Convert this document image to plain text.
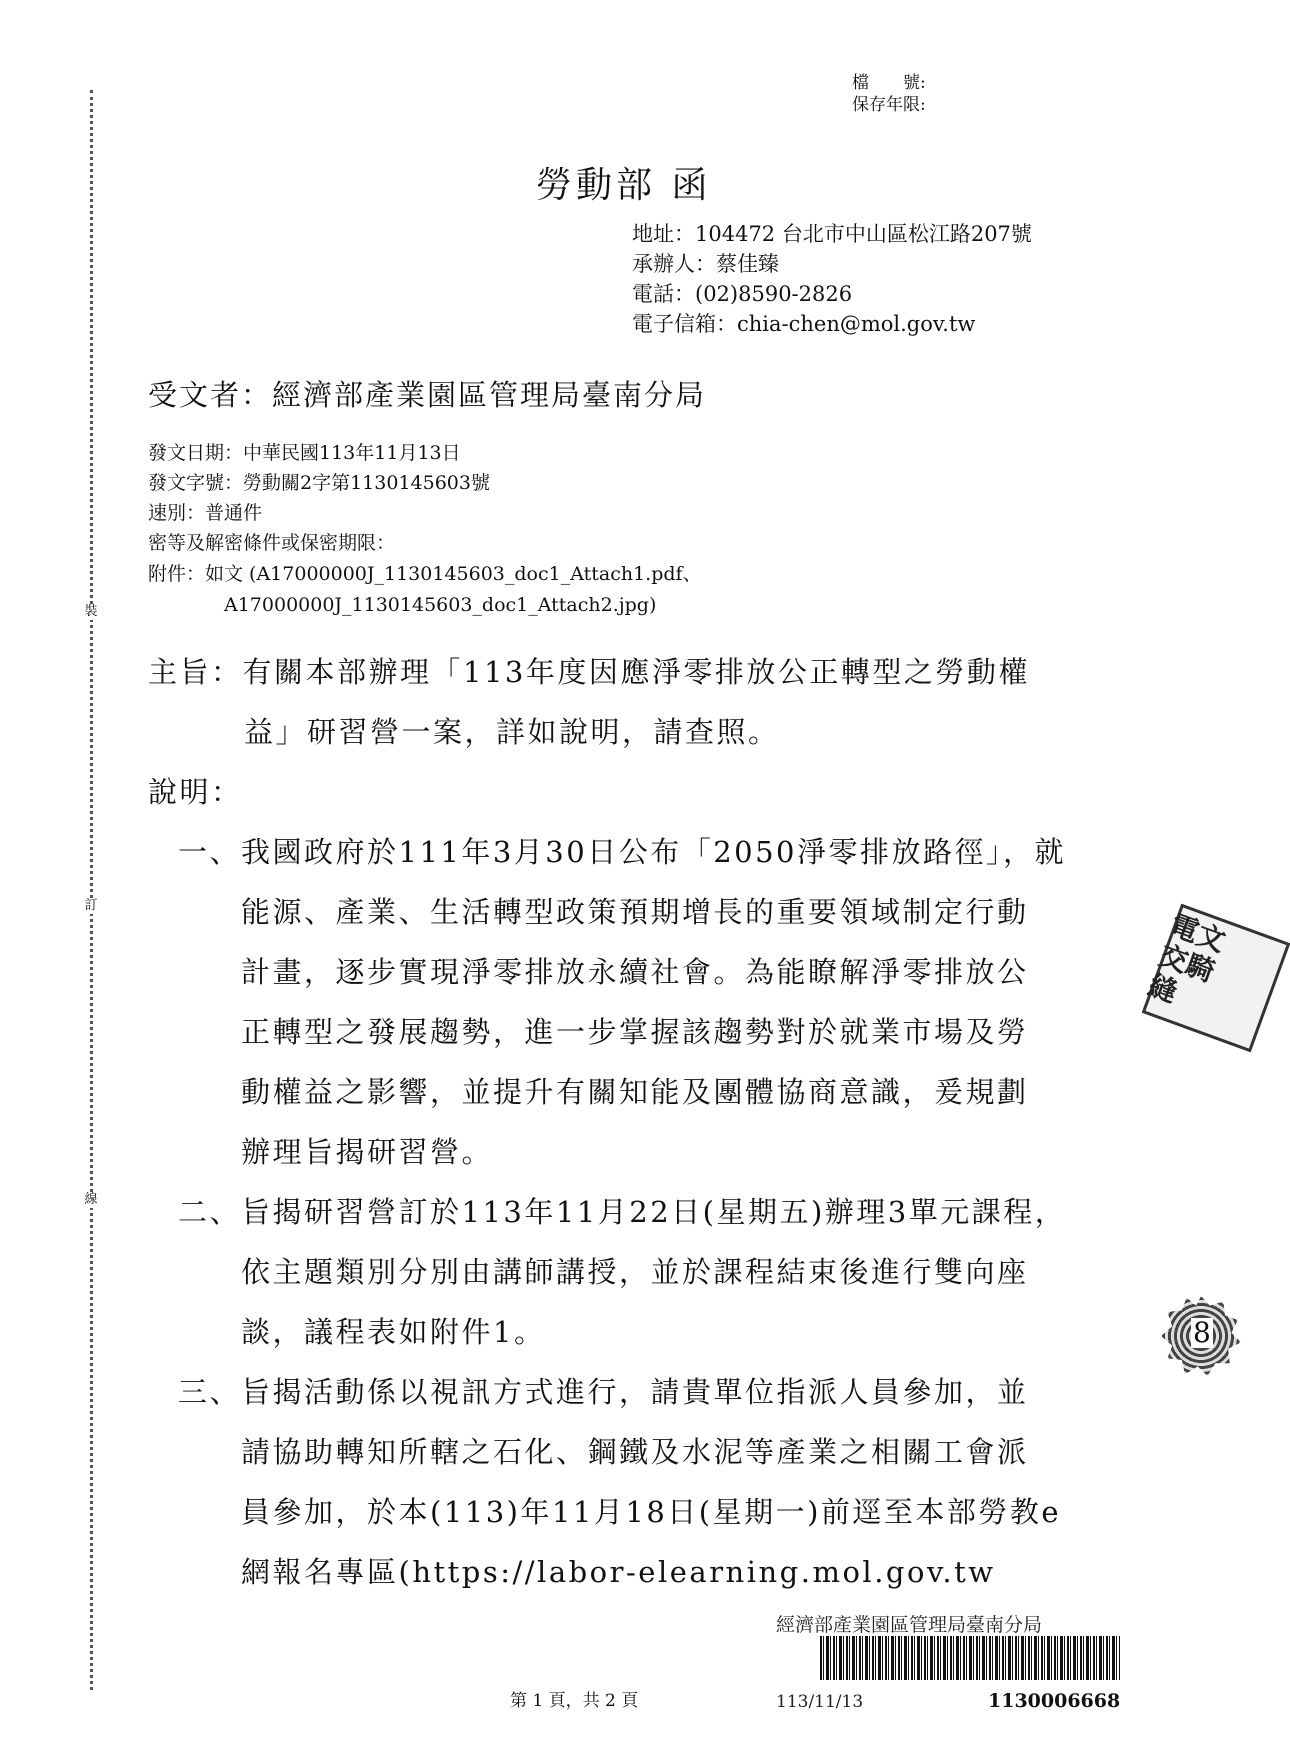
檔　　號:
保存年限:
裝
訂
線
勞動部 函
地址：104472 台北市中山區松江路207號
承辦人：蔡佳臻
電話：(02)8590-2826
電子信箱：chia-chen@mol.gov.tw
受文者：經濟部產業園區管理局臺南分局
發文日期：中華民國113年11月13日
發文字號：勞動關2字第1130145603號
速別：普通件
密等及解密條件或保密期限：
附件：如文 (A17000000J_1130145603_doc1_Attach1.pdf、
A17000000J_1130145603_doc1_Attach2.jpg)
主旨：有關本部辦理「113年度因應淨零排放公正轉型之勞動權
益」研習營一案，詳如說明，請查照。
說明：
一、我國政府於111年3月30日公布「2050淨零排放路徑」，就
能源、產業、生活轉型政策預期增長的重要領域制定行動
計畫，逐步實現淨零排放永續社會。為能瞭解淨零排放公
正轉型之發展趨勢，進一步掌握該趨勢對於就業市場及勞
動權益之影響，並提升有關知能及團體協商意識，爰規劃
辦理旨揭研習營。
二、旨揭研習營訂於113年11月22日(星期五)辦理3單元課程，
依主題類別分別由講師講授，並於課程結束後進行雙向座
談，議程表如附件1。
三、旨揭活動係以視訊方式進行，請貴單位指派人員參加，並
請協助轉知所轄之石化、鋼鐵及水泥等產業之相關工會派
員參加，於本(113)年11月18日(星期一)前逕至本部勞教e
網報名專區(https://labor-elearning.mol.gov.tw
第 1 頁，共 2 頁
經濟部產業園區管理局臺南分局
113/11/13	1130006668
電文交騎縫
8
